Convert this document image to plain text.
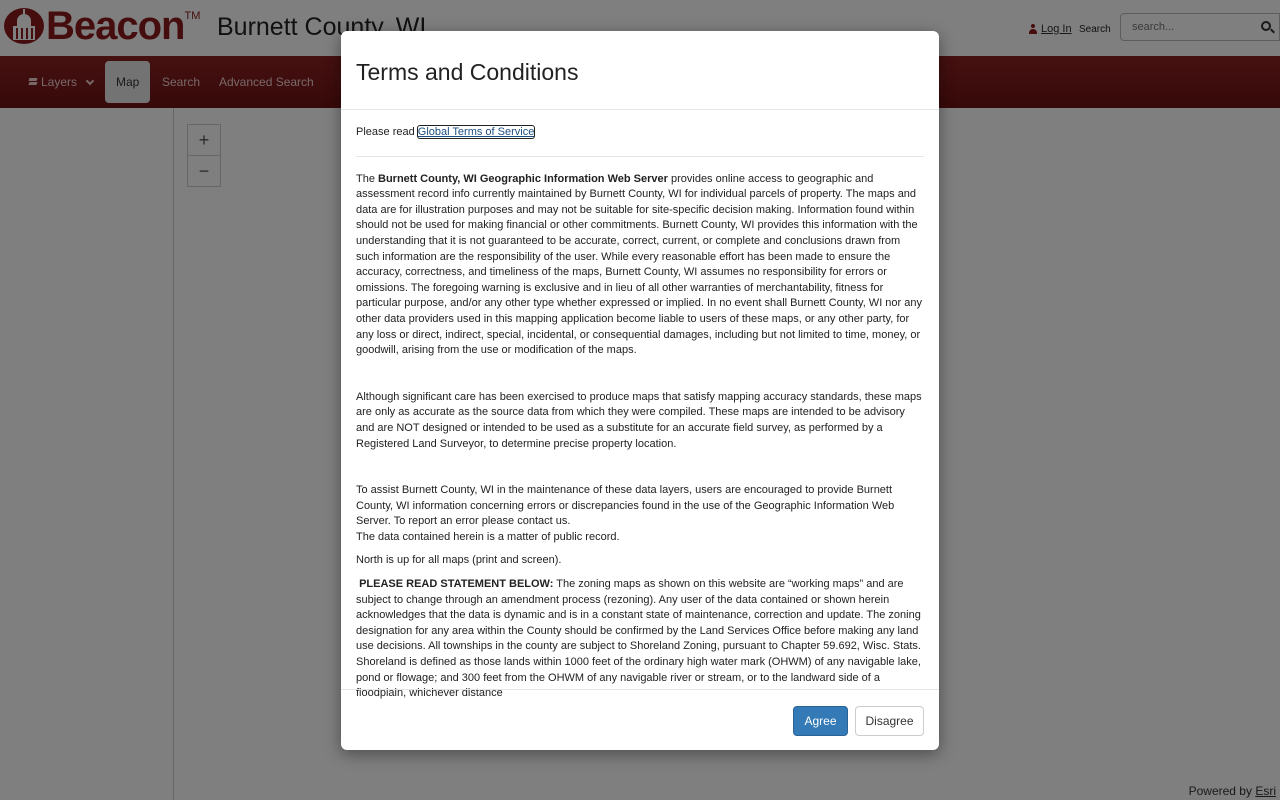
search...
Terms and Conditions
Please read Global Terms of Service

The Burnett County, WI Geographic Information Web Server provides online access to geographic and assessment record info currently maintained by Burnett County, WI for individual parcels of property. The maps and data are for illustration purposes and may not be suitable for site-specific decision making. Information found within should not be used for making financial or other commitments. Burnett County, WI provides this information with the understanding that it is not guaranteed to be accurate, correct, current, or complete and conclusions drawn from such information are the responsibility of the user. While every reasonable effort has been made to ensure the accuracy, correctness, and timeliness of the maps, Burnett County, WI assumes no responsibility for errors or omissions. The foregoing warning is exclusive and in lieu of all other warranties of merchantability, fitness for particular purpose, and/or any other type whether expressed or implied. In no event shall Burnett County, WI nor any other data providers used in this mapping application become liable to users of these maps, or any other party, for any loss or direct, indirect, special, incidental, or consequential damages, including but not limited to time, money, or goodwill, arising from the use or modification of the maps.

Although significant care has been exercised to produce maps that satisfy mapping accuracy standards, these maps are only as accurate as the source data from which they were compiled. These maps are intended to be advisory and are NOT designed or intended to be used as a substitute for an accurate field survey, as performed by a Registered Land Surveyor, to determine precise property location.

To assist Burnett County, WI in the maintenance of these data layers, users are encouraged to provide Burnett County, WI information concerning errors or discrepancies found in the use of the Geographic Information Web Server. To report an error please contact us.

The data contained herein is a matter of public record.

North is up for all maps (print and screen).

PLEASE READ STATEMENT BELOW: The zoning maps as shown on this website are “working maps” and are subject to change through an amendment process (rezoning). Any user of the data contained or shown herein acknowledges that the data is dynamic and is in a constant state of maintenance, correction and update. The zoning designation for any area within the County should be confirmed by the Land Services Office before making any land use decisions. All townships in the county are subject to Shoreland Zoning, pursuant to Chapter 59.692, Wisc. Stats. Shoreland is defined as those lands within 1000 feet of the ordinary high water mark (OHWM) of any navigable lake, pond or flowage; and 300 feet from the OHWM of any navigable river or stream, or to the landward side of a floodplain, whichever distance

Agree	Disagree
